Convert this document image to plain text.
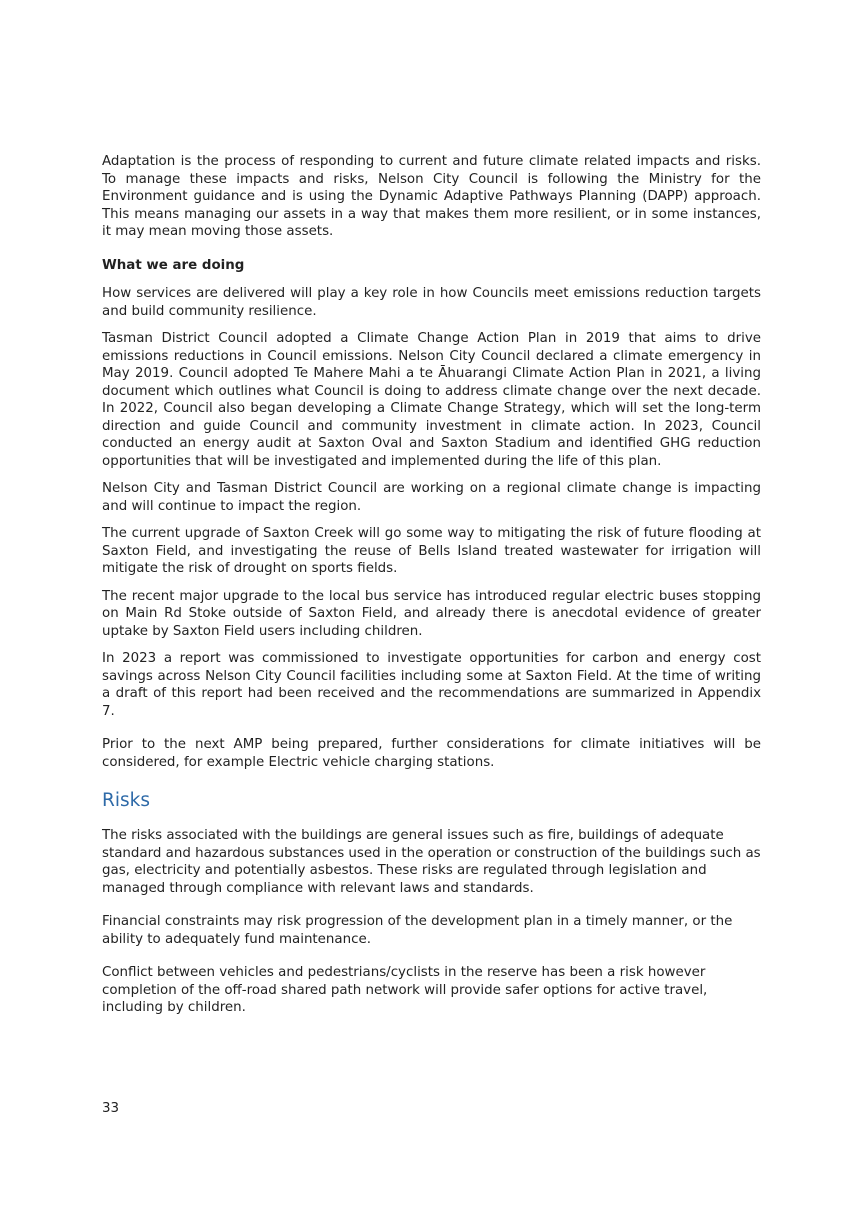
Adaptation is the process of responding to current and future climate related impacts and risks. To manage these impacts and risks, Nelson City Council is following the Ministry for the Environment guidance and is using the Dynamic Adaptive Pathways Planning (DAPP) approach. This means managing our assets in a way that makes them more resilient, or in some instances, it may mean moving those assets.

What we are doing

How services are delivered will play a key role in how Councils meet emissions reduction targets and build community resilience.

Tasman District Council adopted a Climate Change Action Plan in 2019 that aims to drive emissions reductions in Council emissions. Nelson City Council declared a climate emergency in May 2019. Council adopted Te Mahere Mahi a te Āhuarangi Climate Action Plan in 2021, a living document which outlines what Council is doing to address climate change over the next decade. In 2022, Council also began developing a Climate Change Strategy, which will set the long-term direction and guide Council and community investment in climate action. In 2023, Council conducted an energy audit at Saxton Oval and Saxton Stadium and identified GHG reduction opportunities that will be investigated and implemented during the life of this plan.

Nelson City and Tasman District Council are working on a regional climate change is impacting and will continue to impact the region.

The current upgrade of Saxton Creek will go some way to mitigating the risk of future flooding at Saxton Field, and investigating the reuse of Bells Island treated wastewater for irrigation will mitigate the risk of drought on sports fields.

The recent major upgrade to the local bus service has introduced regular electric buses stopping on Main Rd Stoke outside of Saxton Field, and already there is anecdotal evidence of greater uptake by Saxton Field users including children.

In 2023 a report was commissioned to investigate opportunities for carbon and energy cost savings across Nelson City Council facilities including some at Saxton Field. At the time of writing a draft of this report had been received and the recommendations are summarized in Appendix 7.

Prior to the next AMP being prepared, further considerations for climate initiatives will be considered, for example Electric vehicle charging stations.

Risks

The risks associated with the buildings are general issues such as fire, buildings of adequate standard and hazardous substances used in the operation or construction of the buildings such as gas, electricity and potentially asbestos. These risks are regulated through legislation and managed through compliance with relevant laws and standards.

Financial constraints may risk progression of the development plan in a timely manner, or the ability to adequately fund maintenance.

Conflict between vehicles and pedestrians/cyclists in the reserve has been a risk however completion of the off-road shared path network will provide safer options for active travel, including by children.

33
